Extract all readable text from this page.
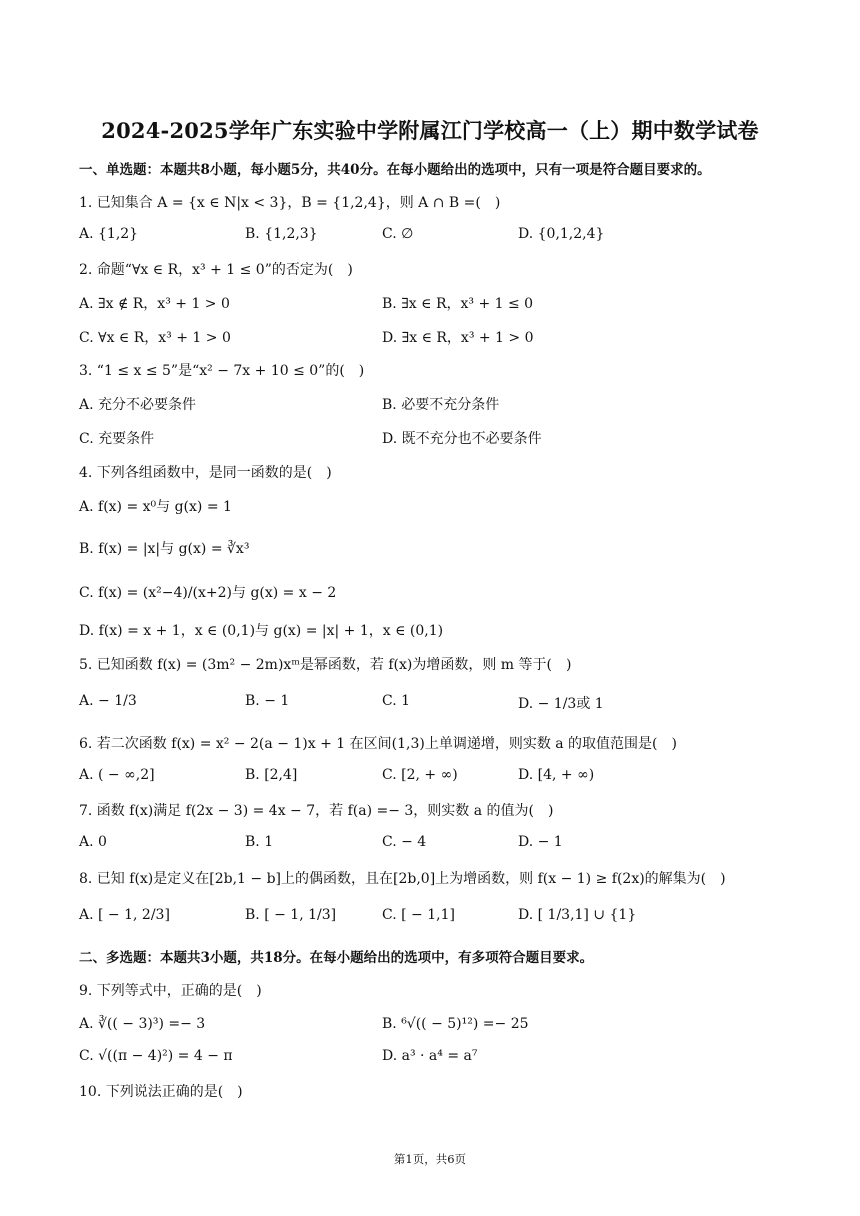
2024-2025学年广东实验中学附属江门学校高一（上）期中数学试卷
一、单选题：本题共8小题，每小题5分，共40分。在每小题给出的选项中，只有一项是符合题目要求的。
1. 已知集合 A = {x ∈ N|x < 3}，B = {1,2,4}，则 A ∩ B =(　)
A. {1,2}	B. {1,2,3}	C. ∅	D. {0,1,2,4}
2. 命题“∀x ∈ R，x³ + 1 ≤ 0”的否定为(　)
A. ∃x ∉ R，x³ + 1 > 0	B. ∃x ∈ R，x³ + 1 ≤ 0
C. ∀x ∈ R，x³ + 1 > 0	D. ∃x ∈ R，x³ + 1 > 0
3. “1 ≤ x ≤ 5”是“x² − 7x + 10 ≤ 0”的(　)
A. 充分不必要条件	B. 必要不充分条件
C. 充要条件	D. 既不充分也不必要条件
4. 下列各组函数中，是同一函数的是(　)
A. f(x) = x⁰与 g(x) = 1
B. f(x) = |x|与 g(x) = ∛x³
C. f(x) = (x²−4)/(x+2)与 g(x) = x − 2
D. f(x) = x + 1，x ∈ (0,1)与 g(x) = |x| + 1，x ∈ (0,1)
5. 已知函数 f(x) = (3m² − 2m)xᵐ是幂函数，若 f(x)为增函数，则 m 等于(　)
A. − 1/3	B. − 1	C. 1	D. − 1/3或 1
6. 若二次函数 f(x) = x² − 2(a − 1)x + 1 在区间(1,3)上单调递增，则实数 a 的取值范围是(　)
A. ( − ∞,2]	B. [2,4]	C. [2, + ∞)	D. [4, + ∞)
7. 函数 f(x)满足 f(2x − 3) = 4x − 7，若 f(a) =− 3，则实数 a 的值为(　)
A. 0	B. 1	C. − 4	D. − 1
8. 已知 f(x)是定义在[2b,1 − b]上的偶函数，且在[2b,0]上为增函数，则 f(x − 1) ≥ f(2x)的解集为(　)
A. [ − 1, 2/3]	B. [ − 1, 1/3]	C. [ − 1,1]	D. [ 1/3,1] ∪ {1}
二、多选题：本题共3小题，共18分。在每小题给出的选项中，有多项符合题目要求。
9. 下列等式中，正确的是(　)
A. ∛(( − 3)³) =− 3	B. ⁶√(( − 5)¹²) =− 25
C. √((π − 4)²) = 4 − π	D. a³ · a⁴ = a⁷
10. 下列说法正确的是(　)
第1页，共6页
